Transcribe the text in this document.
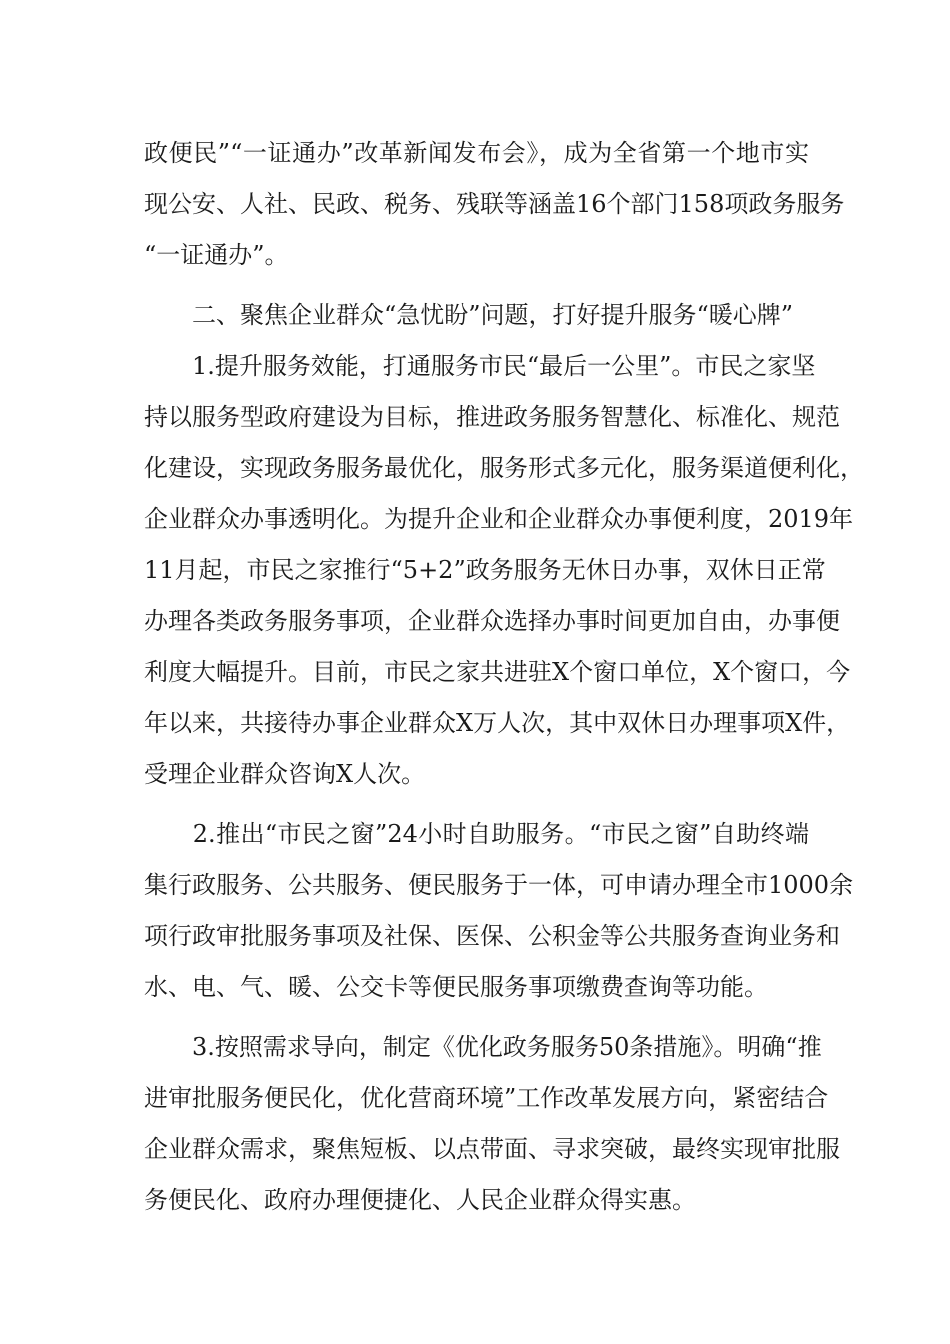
政便民”“一证通办”改革新闻发布会》，成为全省第一个地市实
现公安、人社、民政、税务、残联等涵盖16个部门158项政务服务
“一证通办”。
　　二、聚焦企业群众“急忧盼”问题，打好提升服务“暖心牌”
　　1.提升服务效能，打通服务市民“最后一公里”。市民之家坚
持以服务型政府建设为目标，推进政务服务智慧化、标准化、规范
化建设，实现政务服务最优化，服务形式多元化，服务渠道便利化，
企业群众办事透明化。为提升企业和企业群众办事便利度，2019年
11月起，市民之家推行“5+2”政务服务无休日办事，双休日正常
办理各类政务服务事项，企业群众选择办事时间更加自由，办事便
利度大幅提升。目前，市民之家共进驻X个窗口单位，X个窗口，今
年以来，共接待办事企业群众X万人次，其中双休日办理事项X件，
受理企业群众咨询X人次。
　　2.推出“市民之窗”24小时自助服务。“市民之窗”自助终端
集行政服务、公共服务、便民服务于一体，可申请办理全市1000余
项行政审批服务事项及社保、医保、公积金等公共服务查询业务和
水、电、气、暖、公交卡等便民服务事项缴费查询等功能。
　　3.按照需求导向，制定《优化政务服务50条措施》。明确“推
进审批服务便民化，优化营商环境”工作改革发展方向，紧密结合
企业群众需求，聚焦短板、以点带面、寻求突破，最终实现审批服
务便民化、政府办理便捷化、人民企业群众得实惠。
